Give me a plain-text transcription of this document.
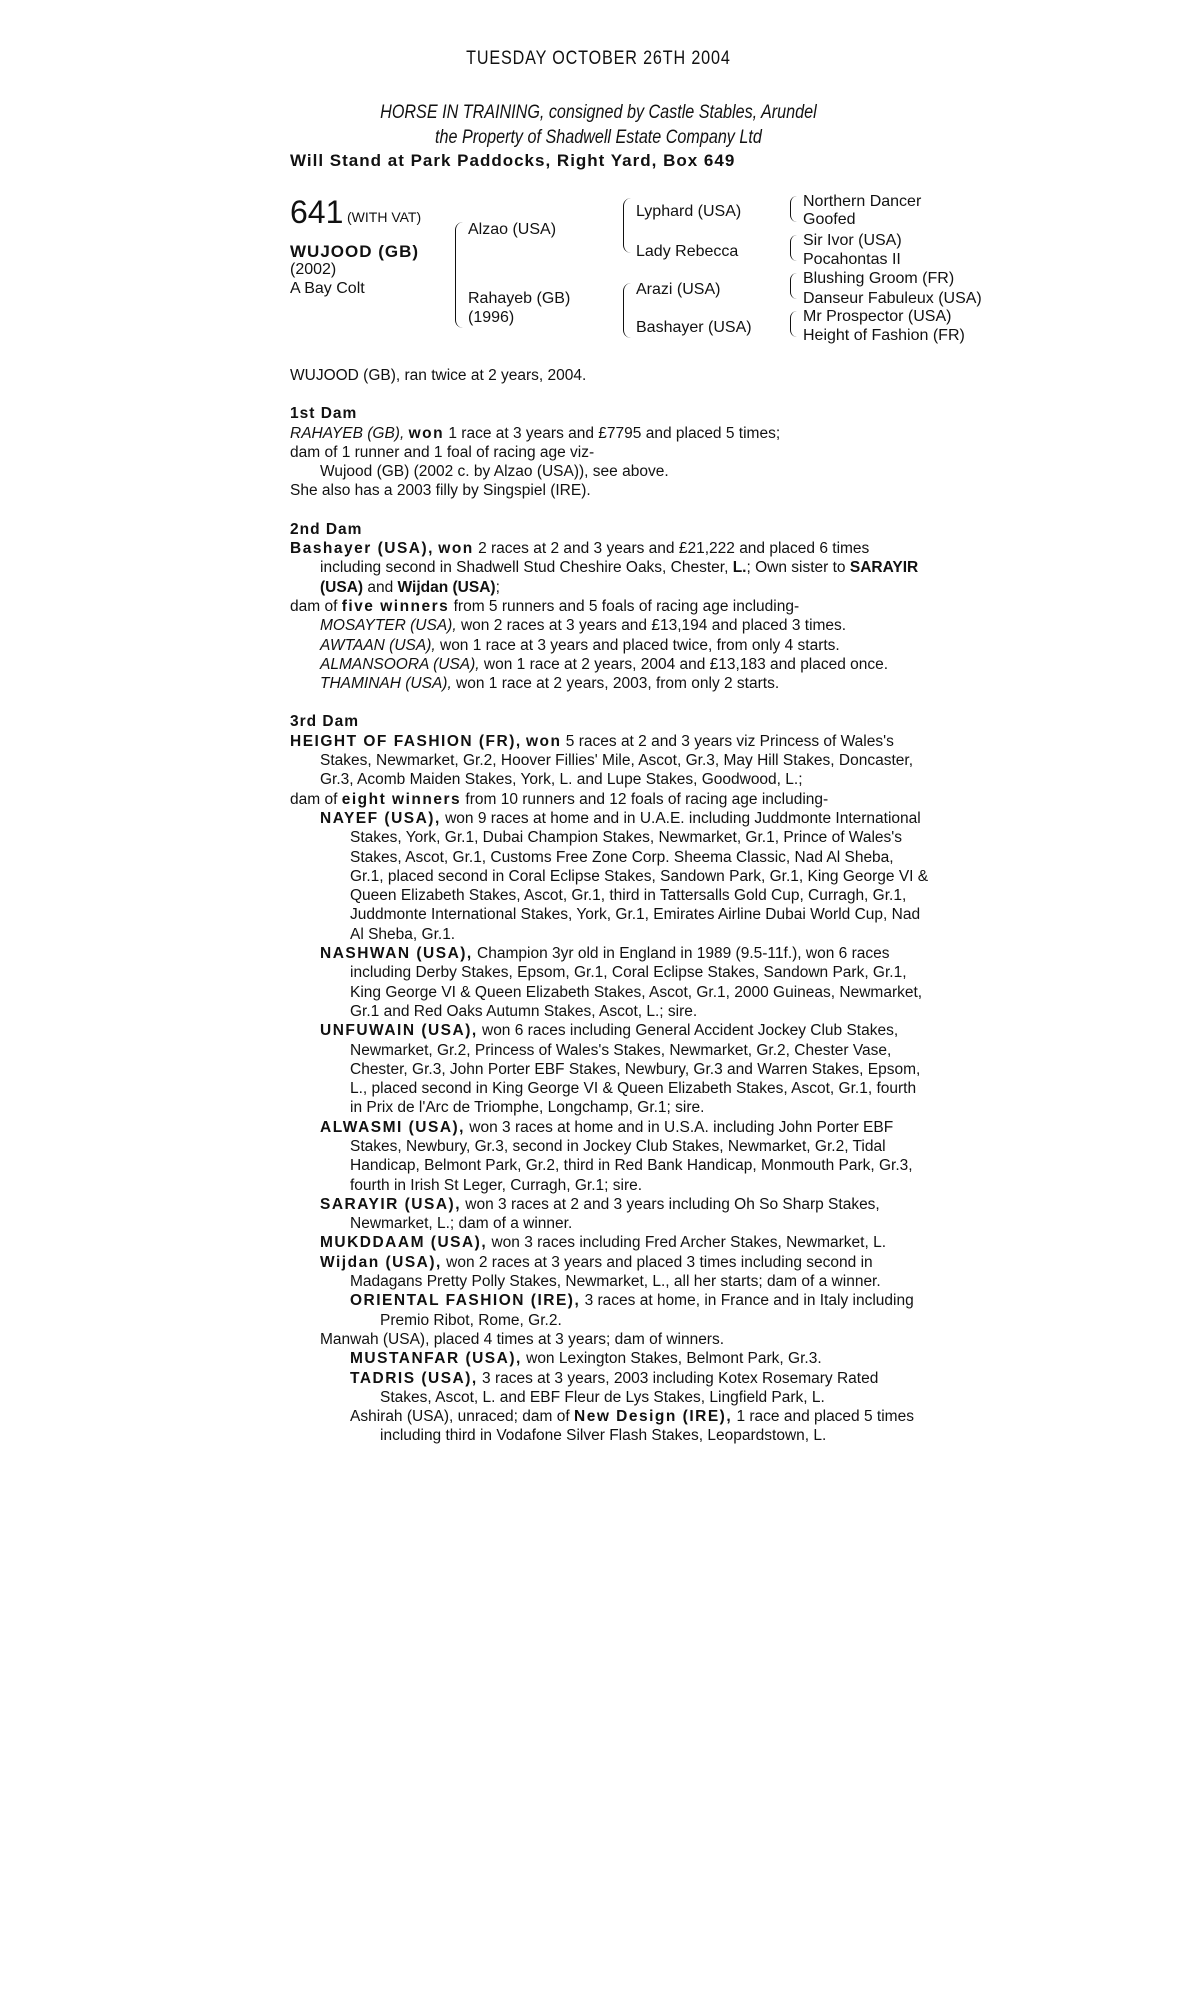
TUESDAY OCTOBER 26TH 2004
HORSE IN TRAINING, consigned by Castle Stables, Arundel
the Property of Shadwell Estate Company Ltd
Will Stand at Park Paddocks, Right Yard, Box 649
641 (WITH VAT)
WUJOOD (GB)
(2002)
A Bay Colt
Alzao (USA)
Rahayeb (GB)
(1996)
Lyphard (USA)
Lady Rebecca
Arazi (USA)
Bashayer (USA)
Northern Dancer
Goofed
Sir Ivor (USA)
Pocahontas II
Blushing Groom (FR)
Danseur Fabuleux (USA)
Mr Prospector (USA)
Height of Fashion (FR)

WUJOOD (GB), ran twice at 2 years, 2004.

1st Dam

RAHAYEB (GB), won 1 race at 3 years and £7795 and placed 5 times;

dam of 1 runner and 1 foal of racing age viz-

Wujood (GB) (2002 c. by Alzao (USA)), see above.

She also has a 2003 filly by Singspiel (IRE).

2nd Dam

Bashayer (USA), won 2 races at 2 and 3 years and £21,222 and placed 6 times including second in Shadwell Stud Cheshire Oaks, Chester, L.; Own sister to SARAYIR (USA) and Wijdan (USA);

dam of five winners from 5 runners and 5 foals of racing age including-

MOSAYTER (USA), won 2 races at 3 years and £13,194 and placed 3 times.

AWTAAN (USA), won 1 race at 3 years and placed twice, from only 4 starts.

ALMANSOORA (USA), won 1 race at 2 years, 2004 and £13,183 and placed once.

THAMINAH (USA), won 1 race at 2 years, 2003, from only 2 starts.

3rd Dam

HEIGHT OF FASHION (FR), won 5 races at 2 and 3 years viz Princess of Wales's Stakes, Newmarket, Gr.2, Hoover Fillies' Mile, Ascot, Gr.3, May Hill Stakes, Doncaster, Gr.3, Acomb Maiden Stakes, York, L. and Lupe Stakes, Goodwood, L.;

dam of eight winners from 10 runners and 12 foals of racing age including-

NAYEF (USA), won 9 races at home and in U.A.E. including Juddmonte International Stakes, York, Gr.1, Dubai Champion Stakes, Newmarket, Gr.1, Prince of Wales's Stakes, Ascot, Gr.1, Customs Free Zone Corp. Sheema Classic, Nad Al Sheba, Gr.1, placed second in Coral Eclipse Stakes, Sandown Park, Gr.1, King George VI & Queen Elizabeth Stakes, Ascot, Gr.1, third in Tattersalls Gold Cup, Curragh, Gr.1, Juddmonte International Stakes, York, Gr.1, Emirates Airline Dubai World Cup, Nad Al Sheba, Gr.1.

NASHWAN (USA), Champion 3yr old in England in 1989 (9.5-11f.), won 6 races including Derby Stakes, Epsom, Gr.1, Coral Eclipse Stakes, Sandown Park, Gr.1, King George VI & Queen Elizabeth Stakes, Ascot, Gr.1, 2000 Guineas, Newmarket, Gr.1 and Red Oaks Autumn Stakes, Ascot, L.; sire.

UNFUWAIN (USA), won 6 races including General Accident Jockey Club Stakes, Newmarket, Gr.2, Princess of Wales's Stakes, Newmarket, Gr.2, Chester Vase, Chester, Gr.3, John Porter EBF Stakes, Newbury, Gr.3 and Warren Stakes, Epsom, L., placed second in King George VI & Queen Elizabeth Stakes, Ascot, Gr.1, fourth in Prix de l'Arc de Triomphe, Longchamp, Gr.1; sire.

ALWASMI (USA), won 3 races at home and in U.S.A. including John Porter EBF Stakes, Newbury, Gr.3, second in Jockey Club Stakes, Newmarket, Gr.2, Tidal Handicap, Belmont Park, Gr.2, third in Red Bank Handicap, Monmouth Park, Gr.3, fourth in Irish St Leger, Curragh, Gr.1; sire.

SARAYIR (USA), won 3 races at 2 and 3 years including Oh So Sharp Stakes, Newmarket, L.; dam of a winner.

MUKDDAAM (USA), won 3 races including Fred Archer Stakes, Newmarket, L.

Wijdan (USA), won 2 races at 3 years and placed 3 times including second in Madagans Pretty Polly Stakes, Newmarket, L., all her starts; dam of a winner.

ORIENTAL FASHION (IRE), 3 races at home, in France and in Italy including Premio Ribot, Rome, Gr.2.

Manwah (USA), placed 4 times at 3 years; dam of winners.

MUSTANFAR (USA), won Lexington Stakes, Belmont Park, Gr.3.

TADRIS (USA), 3 races at 3 years, 2003 including Kotex Rosemary Rated Stakes, Ascot, L. and EBF Fleur de Lys Stakes, Lingfield Park, L.

Ashirah (USA), unraced; dam of New Design (IRE), 1 race and placed 5 times including third in Vodafone Silver Flash Stakes, Leopardstown, L.
